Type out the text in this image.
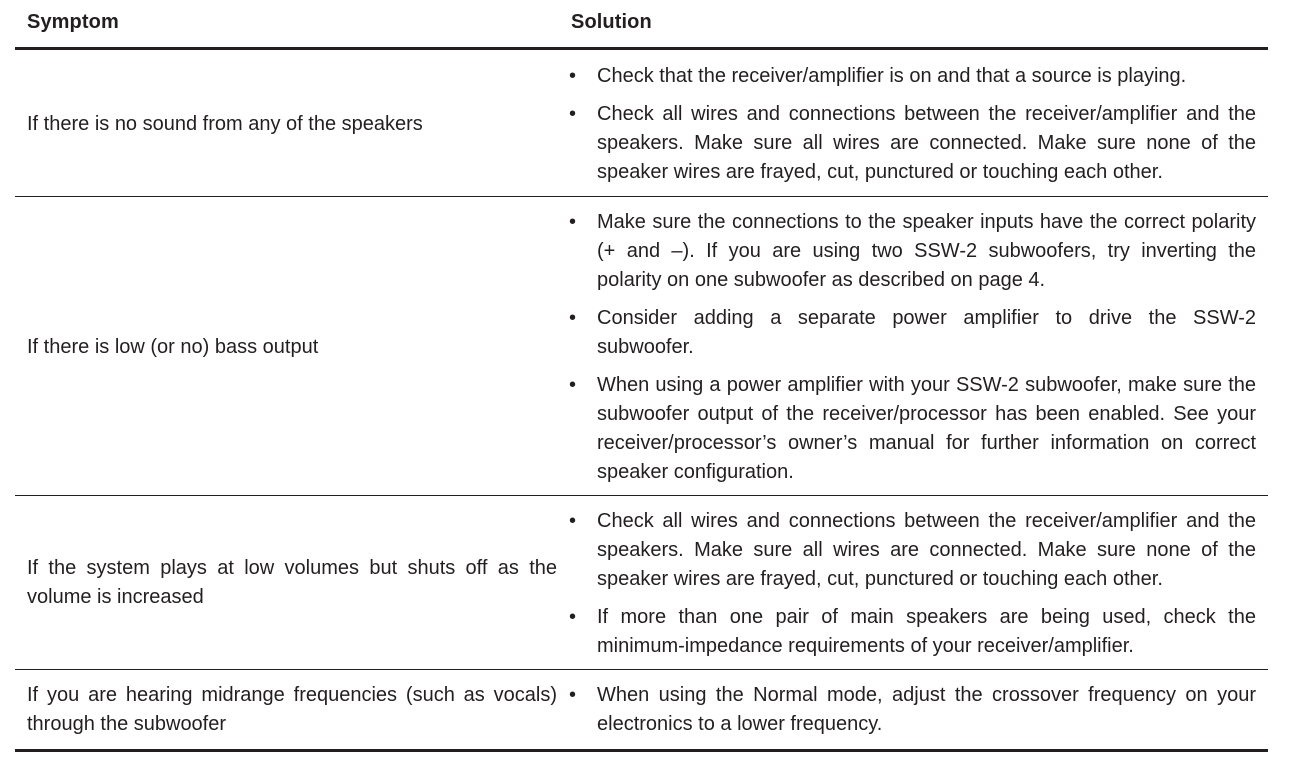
Symptom	Solution
If there is no sound from any of the speakers
•	Check that the receiver/amplifier is on and that a source is playing.
•	Check all wires and connections between the receiver/amplifier and the speakers. Make sure all wires are connected. Make sure none of the speaker wires are frayed, cut, punctured or touching each other.
If there is low (or no) bass output
•	Make sure the connections to the speaker inputs have the correct polarity (+ and –). If you are using two SSW-2 subwoofers, try inverting the polarity on one subwoofer as described on page 4.
•	Consider adding a separate power amplifier to drive the SSW-2 subwoofer.
•	When using a power amplifier with your SSW-2 subwoofer, make sure the subwoofer output of the receiver/processor has been enabled. See your receiver/processor’s owner’s manual for further information on correct speaker configuration.
If the system plays at low volumes but shuts off as the volume is increased
•	Check all wires and connections between the receiver/amplifier and the speakers. Make sure all wires are connected. Make sure none of the speaker wires are frayed, cut, punctured or touching each other.
•	If more than one pair of main speakers are being used, check the minimum-impedance requirements of your receiver/amplifier.
If you are hearing midrange frequencies (such as vocals) through the subwoofer
•	When using the Normal mode, adjust the crossover frequency on your electronics to a lower frequency.
